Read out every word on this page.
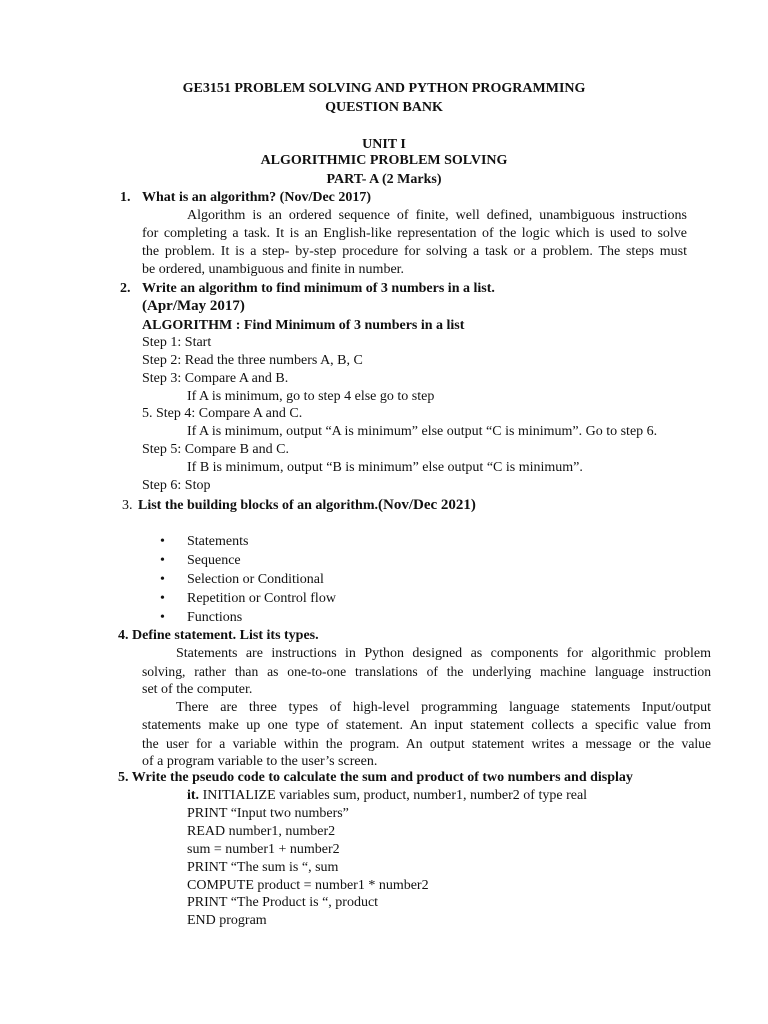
GE3151 PROBLEM SOLVING AND PYTHON PROGRAMMING
QUESTION BANK
UNIT I
ALGORITHMIC PROBLEM SOLVING
PART- A (2 Marks)
1. What is an algorithm? (Nov/Dec 2017)
Algorithm is an ordered sequence of finite, well defined, unambiguous instructions
for completing a task. It is an English-like representation of the logic which is used to solve
the problem. It is a step- by-step procedure for solving a task or a problem. The steps must
be ordered, unambiguous and finite in number.
2. Write an algorithm to find minimum of 3 numbers in a list.
(Apr/May 2017)
ALGORITHM : Find Minimum of 3 numbers in a list
Step 1: Start
Step 2: Read the three numbers A, B, C
Step 3: Compare A and B.
If A is minimum, go to step 4 else go to step
5. Step 4: Compare A and C.
If A is minimum, output “A is minimum” else output “C is minimum”. Go to step 6.
Step 5: Compare B and C.
If B is minimum, output “B is minimum” else output “C is minimum”.
Step 6: Stop
3. List the building blocks of an algorithm.(Nov/Dec 2021)
• Statements
• Sequence
• Selection or Conditional
• Repetition or Control flow
• Functions
4. Define statement. List its types.
Statements are instructions in Python designed as components for algorithmic problem
solving, rather than as one-to-one translations of the underlying machine language instruction
set of the computer.
There are three types of high-level programming language statements Input/output
statements make up one type of statement. An input statement collects a specific value from
the user for a variable within the program. An output statement writes a message or the value
of a program variable to the user’s screen.
5. Write the pseudo code to calculate the sum and product of two numbers and display
it. INITIALIZE variables sum, product, number1, number2 of type real
PRINT “Input two numbers”
READ number1, number2
sum = number1 + number2
PRINT “The sum is “, sum
COMPUTE product = number1 * number2
PRINT “The Product is “, product
END program
